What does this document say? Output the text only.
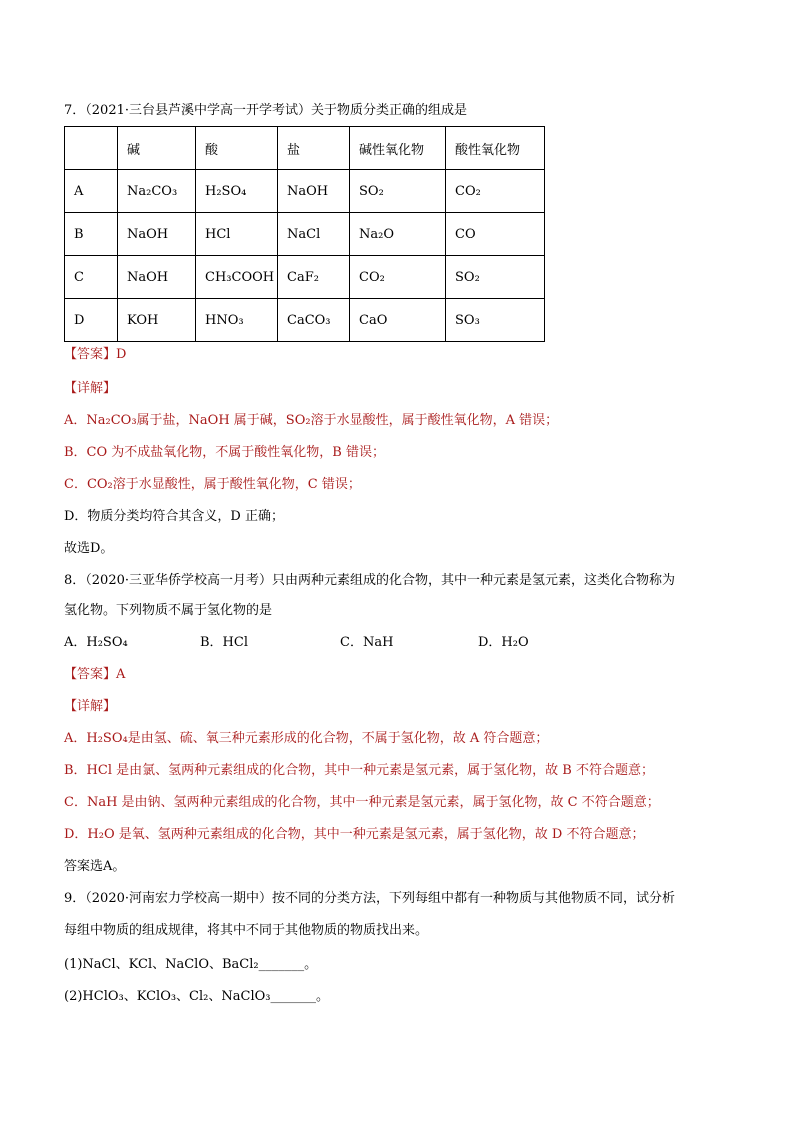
7．（2021·三台县芦溪中学高一开学考试）关于物质分类正确的组成是
	碱	酸	盐	碱性氧化物	酸性氧化物
A	Na₂CO₃	H₂SO₄	NaOH	SO₂	CO₂
B	NaOH	HCl	NaCl	Na₂O	CO
C	NaOH	CH₃COOH	CaF₂	CO₂	SO₂
D	KOH	HNO₃	CaCO₃	CaO	SO₃
【答案】D
【详解】
A．Na₂CO₃属于盐，NaOH 属于碱，SO₂溶于水显酸性，属于酸性氧化物，A 错误；
B．CO 为不成盐氧化物，不属于酸性氧化物，B 错误；
C．CO₂溶于水显酸性，属于酸性氧化物，C 错误；
D．物质分类均符合其含义，D 正确；
故选D。
8．（2020·三亚华侨学校高一月考）只由两种元素组成的化合物，其中一种元素是氢元素，这类化合物称为
氢化物。下列物质不属于氢化物的是
A．H₂SO₄	B．HCl	C．NaH	D．H₂O
【答案】A
【详解】
A．H₂SO₄是由氢、硫、氧三种元素形成的化合物，不属于氢化物，故 A 符合题意；
B．HCl 是由氯、氢两种元素组成的化合物，其中一种元素是氢元素，属于氢化物，故 B 不符合题意；
C．NaH 是由钠、氢两种元素组成的化合物，其中一种元素是氢元素，属于氢化物，故 C 不符合题意；
D．H₂O 是氧、氢两种元素组成的化合物，其中一种元素是氢元素，属于氢化物，故 D 不符合题意；
答案选A。
9．（2020·河南宏力学校高一期中）按不同的分类方法，下列每组中都有一种物质与其他物质不同，试分析
每组中物质的组成规律，将其中不同于其他物质的物质找出来。
(1)NaCl、KCl、NaClO、BaCl₂_______。
(2)HClO₃、KClO₃、Cl₂、NaClO₃_______。
